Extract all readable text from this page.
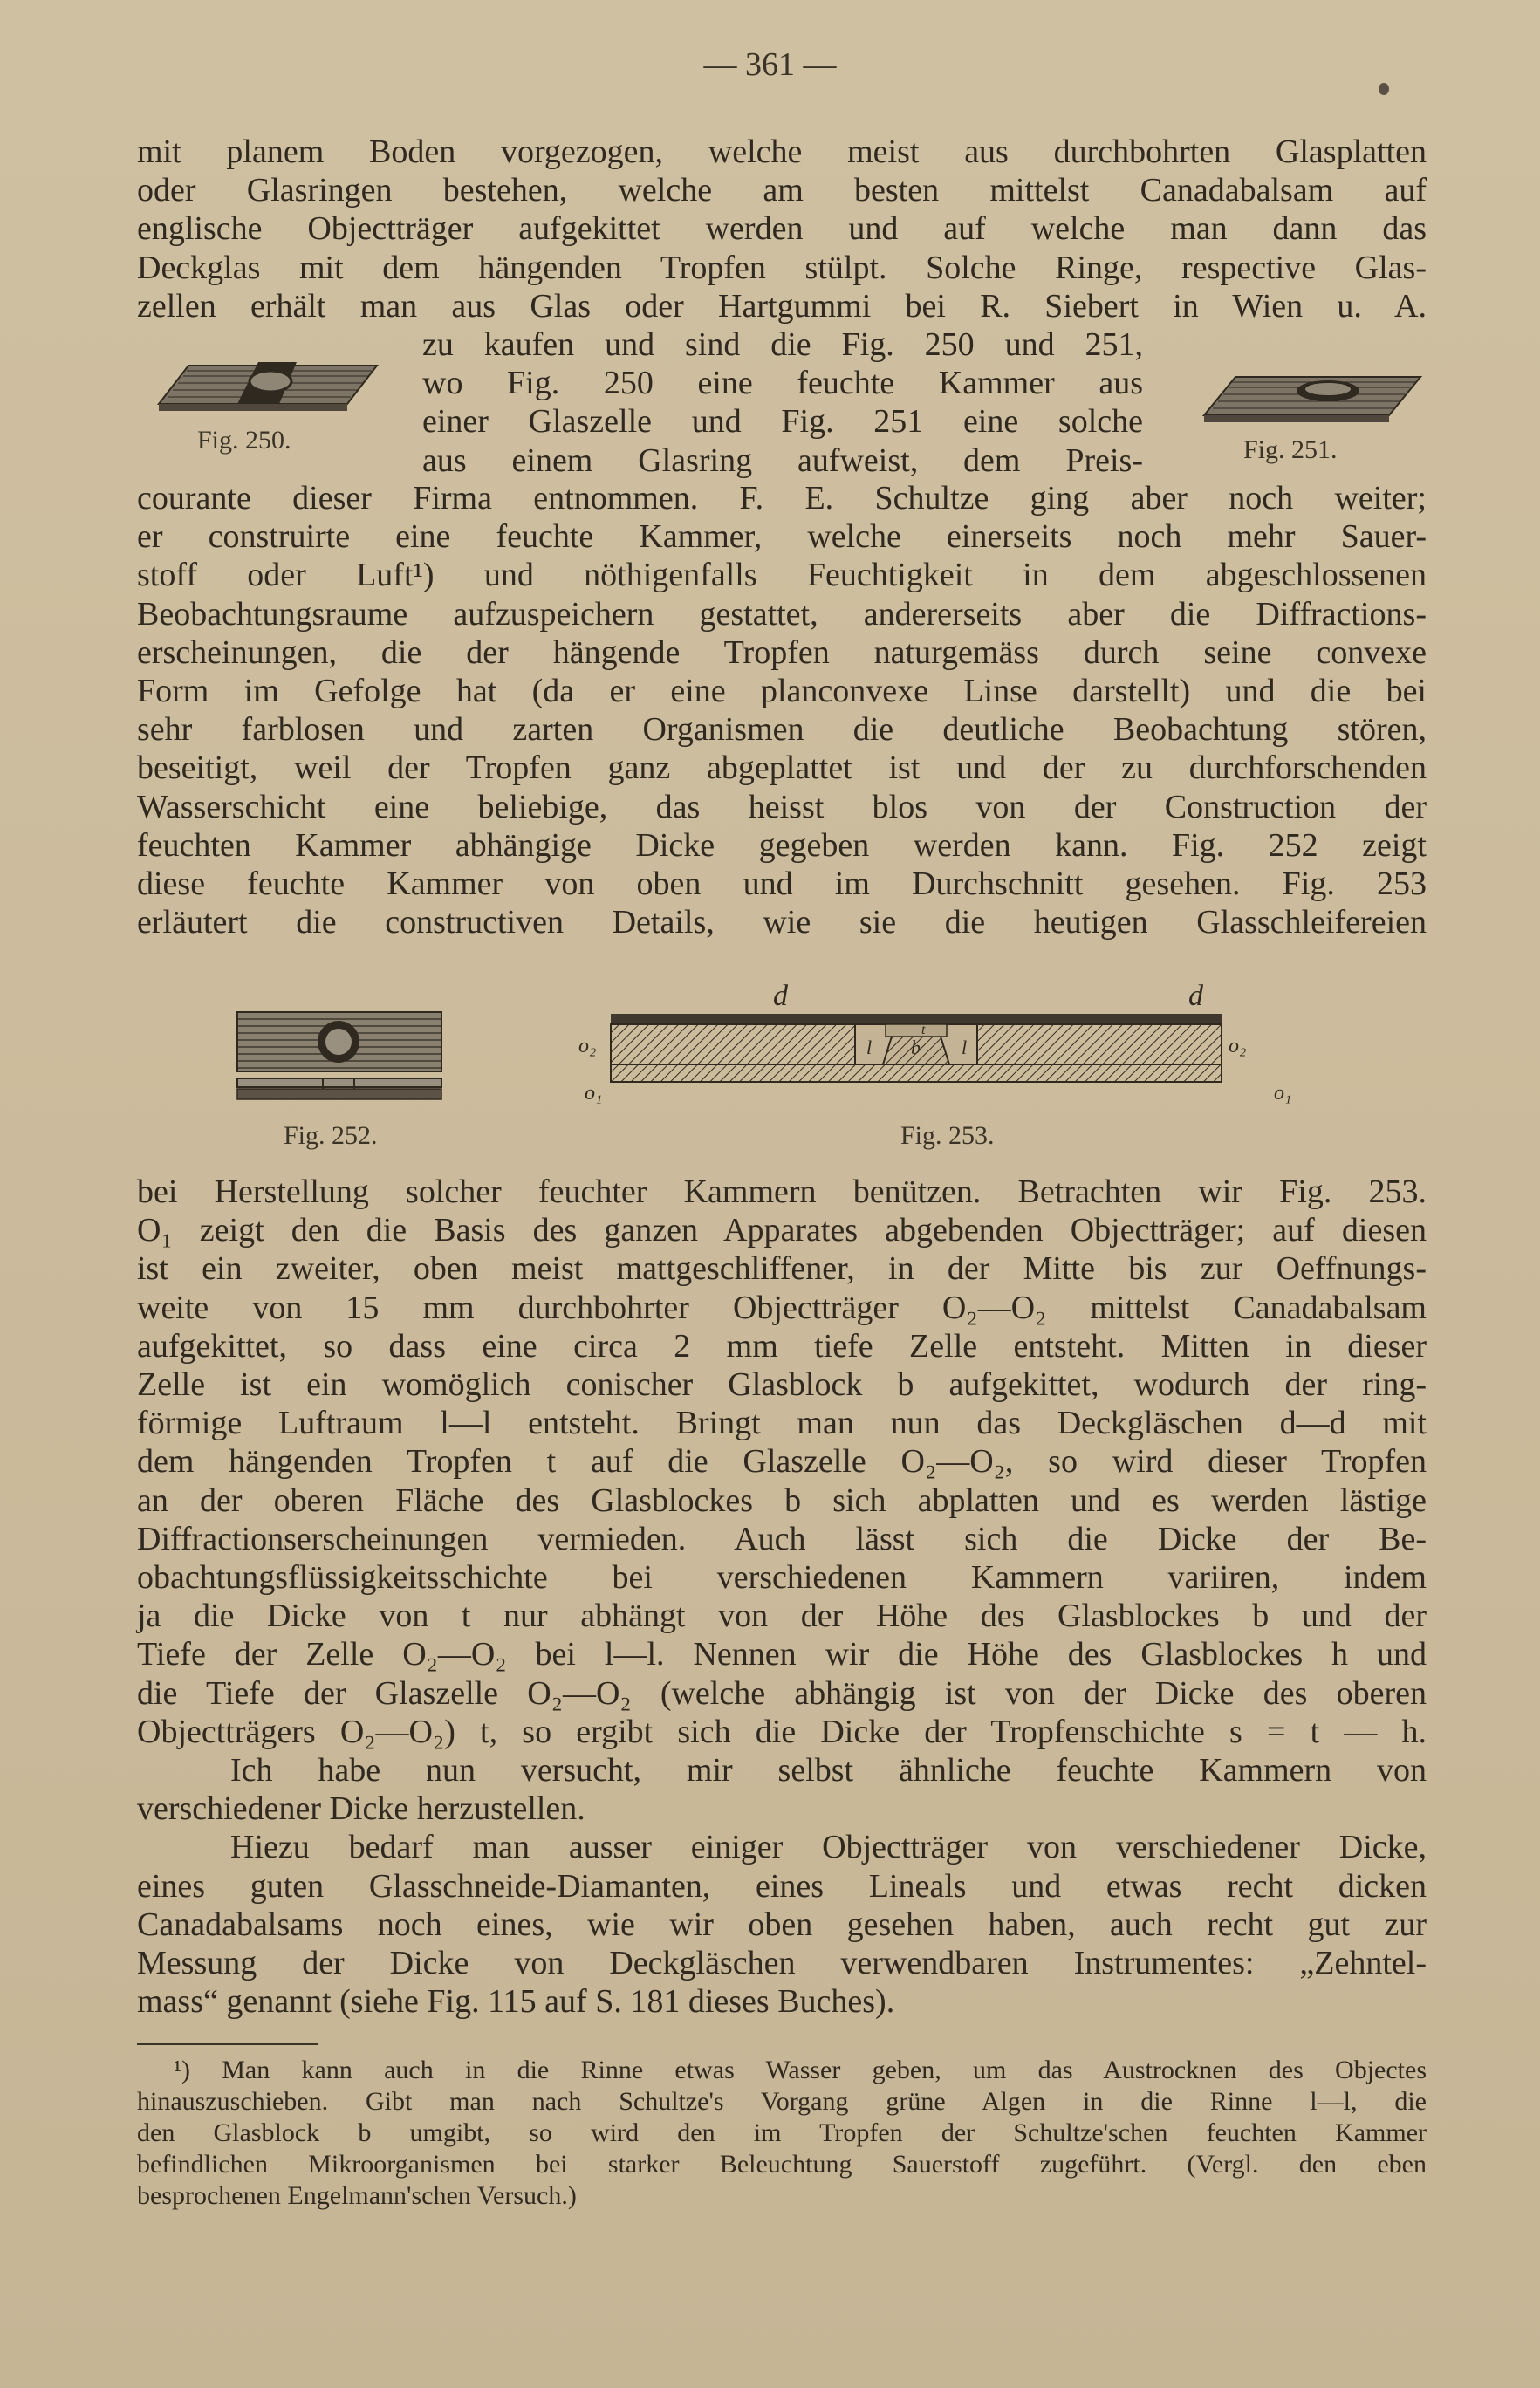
— 361 —

mit planem Boden vorgezogen, welche meist aus durchbohrten Glasplatten

oder Glasringen bestehen, welche am besten mittelst Canadabalsam auf

englische Objectträger aufgekittet werden und auf welche man dann das

Deckglas mit dem hängenden Tropfen stülpt. Solche Ringe, respective Glas-

zellen erhält man aus Glas oder Hartgummi bei R. Siebert in Wien u. A.

Fig. 250.

zu kaufen und sind die Fig. 250 und 251,

wo Fig. 250 eine feuchte Kammer aus

einer Glaszelle und Fig. 251 eine solche

aus einem Glasring aufweist, dem Preis-	Fig. 251.

courante dieser Firma entnommen. F. E. Schultze ging aber noch weiter;

er construirte eine feuchte Kammer, welche einerseits noch mehr Sauer-

stoff oder Luft¹) und nöthigenfalls Feuchtigkeit in dem abgeschlossenen

Beobachtungsraume aufzuspeichern gestattet, andererseits aber die Diffractions-

erscheinungen, die der hängende Tropfen naturgemäss durch seine convexe

Form im Gefolge hat (da er eine planconvexe Linse darstellt) und die bei

sehr farblosen und zarten Organismen die deutliche Beobachtung stören,

beseitigt, weil der Tropfen ganz abgeplattet ist und der zu durchforschenden

Wasserschicht eine beliebige, das heisst blos von der Construction der

feuchten Kammer abhängige Dicke gegeben werden kann. Fig. 252 zeigt

diese feuchte Kammer von oben und im Durchschnitt gesehen. Fig. 253

erläutert die constructiven Details, wie sie die heutigen Glasschleifereien

Fig. 252.
d	d
o₂	o₂
o₁	o₁
l	l
b
t
Fig. 253.

bei Herstellung solcher feuchter Kammern benützen. Betrachten wir Fig. 253.

O₁ zeigt den die Basis des ganzen Apparates abgebenden Objectträger; auf diesen

ist ein zweiter, oben meist mattgeschliffener, in der Mitte bis zur Oeffnungs-

weite von 15 mm durchbohrter Objectträger O₂—O₂ mittelst Canadabalsam

aufgekittet, so dass eine circa 2 mm tiefe Zelle entsteht. Mitten in dieser

Zelle ist ein womöglich conischer Glasblock b aufgekittet, wodurch der ring-

förmige Luftraum l—l entsteht. Bringt man nun das Deckgläschen d—d mit

dem hängenden Tropfen t auf die Glaszelle O₂—O₂, so wird dieser Tropfen

an der oberen Fläche des Glasblockes b sich abplatten und es werden lästige

Diffractionserscheinungen vermieden. Auch lässt sich die Dicke der Be-

obachtungsflüssigkeitsschichte bei verschiedenen Kammern variiren, indem

ja die Dicke von t nur abhängt von der Höhe des Glasblockes b und der

Tiefe der Zelle O₂—O₂ bei l—l. Nennen wir die Höhe des Glasblockes h und

die Tiefe der Glaszelle O₂—O₂ (welche abhängig ist von der Dicke des oberen

Objectträgers O₂—O₂) t, so ergibt sich die Dicke der Tropfenschichte s = t — h.

Ich habe nun versucht, mir selbst ähnliche feuchte Kammern von

verschiedener Dicke herzustellen.

Hiezu bedarf man ausser einiger Objectträger von verschiedener Dicke,

eines guten Glasschneide-Diamanten, eines Lineals und etwas recht dicken

Canadabalsams noch eines, wie wir oben gesehen haben, auch recht gut zur

Messung der Dicke von Deckgläschen verwendbaren Instrumentes: „Zehntel-

mass“ genannt (siehe Fig. 115 auf S. 181 dieses Buches).

¹) Man kann auch in die Rinne etwas Wasser geben, um das Austrocknen des Objectes

hinauszuschieben. Gibt man nach Schultze's Vorgang grüne Algen in die Rinne l—l, die

den Glasblock b umgibt, so wird den im Tropfen der Schultze'schen feuchten Kammer

befindlichen Mikroorganismen bei starker Beleuchtung Sauerstoff zugeführt. (Vergl. den eben

besprochenen Engelmann'schen Versuch.)
